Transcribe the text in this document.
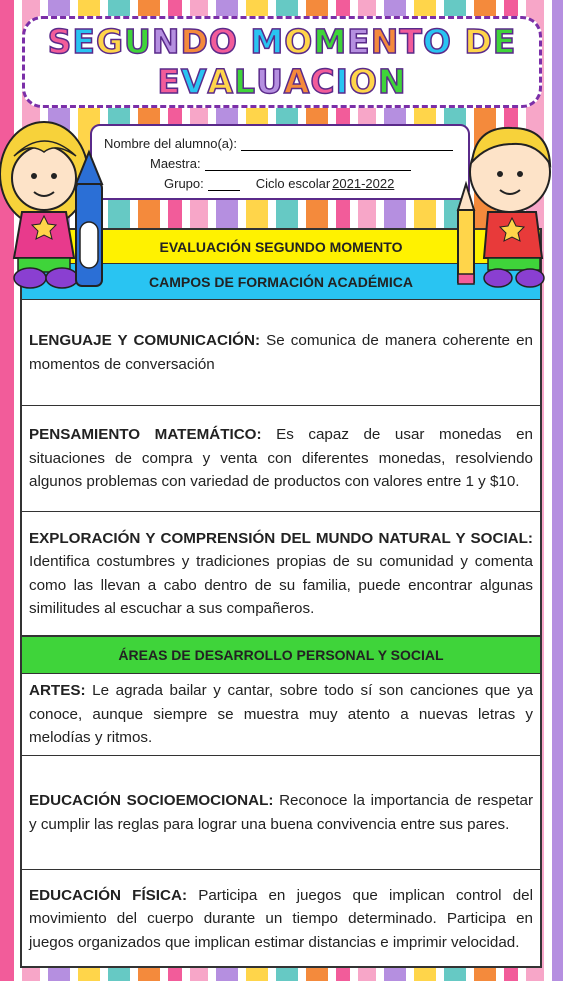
SEGUNDO MOMENTO DE
EVALUACION
Nombre del alumno(a):
Maestra:
Grupo:	Ciclo escolar 2021-2022
EVALUACIÓN SEGUNDO MOMENTO
CAMPOS DE FORMACIÓN ACADÉMICA

LENGUAJE Y COMUNICACIÓN: Se comunica de manera coherente en momentos de conversación

PENSAMIENTO MATEMÁTICO: Es capaz de usar monedas en situaciones de compra y venta con diferentes monedas, resolviendo algunos problemas con variedad de productos con valores entre 1 y $10.

EXPLORACIÓN Y COMPRENSIÓN DEL MUNDO NATURAL Y SOCIAL: Identifica costumbres y tradiciones propias de su comunidad y comenta como las llevan a cabo dentro de su familia, puede encontrar algunas similitudes al escuchar a sus compañeros.

ÁREAS DE DESARROLLO PERSONAL Y SOCIAL

ARTES: Le agrada bailar y cantar, sobre todo sí son canciones que ya conoce, aunque siempre se muestra muy atento a nuevas letras y melodías y ritmos.

EDUCACIÓN SOCIOEMOCIONAL: Reconoce la importancia de respetar y cumplir las reglas para lograr una buena convivencia entre sus pares.

EDUCACIÓN FÍSICA: Participa en juegos que implican control del movimiento del cuerpo durante un tiempo determinado. Participa en juegos organizados que implican estimar distancias e imprimir velocidad.
